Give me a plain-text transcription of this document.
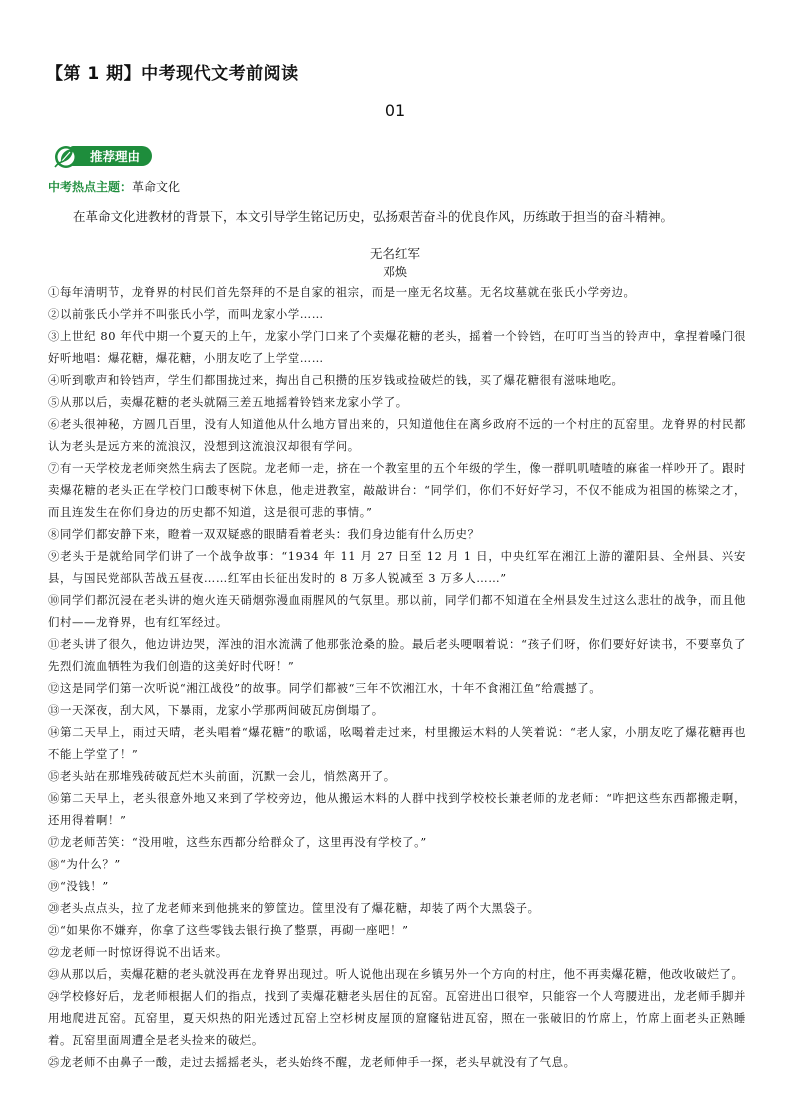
【第 1 期】中考现代文考前阅读
01
推荐理由
中考热点主题：革命文化
在革命文化进教材的背景下，本文引导学生铭记历史，弘扬艰苦奋斗的优良作风，历练敢于担当的奋斗精神。
无名红军
邓焕

①每年清明节，龙脊界的村民们首先祭拜的不是自家的祖宗，而是一座无名坟墓。无名坟墓就在张氏小学旁边。

②以前张氏小学并不叫张氏小学，而叫龙家小学……

③上世纪 80 年代中期一个夏天的上午，龙家小学门口来了个卖爆花糖的老头，摇着一个铃铛，在叮叮当当的铃声中，拿捏着嗓门很好听地唱：爆花糖，爆花糖，小朋友吃了上学堂……

④听到歌声和铃铛声，学生们都围拢过来，掏出自己积攒的压岁钱或捡破烂的钱，买了爆花糖很有滋味地吃。

⑤从那以后，卖爆花糖的老头就隔三差五地摇着铃铛来龙家小学了。

⑥老头很神秘，方圆几百里，没有人知道他从什么地方冒出来的，只知道他住在离乡政府不远的一个村庄的瓦窑里。龙脊界的村民都认为老头是远方来的流浪汉，没想到这流浪汉却很有学问。

⑦有一天学校龙老师突然生病去了医院。龙老师一走，挤在一个教室里的五个年级的学生，像一群叽叽喳喳的麻雀一样吵开了。跟时卖爆花糖的老头正在学校门口酸枣树下休息，他走进教室，敲敲讲台：“同学们，你们不好好学习，不仅不能成为祖国的栋梁之才，而且连发生在你们身边的历史都不知道，这是很可悲的事情。”

⑧同学们都安静下来，瞪着一双双疑惑的眼睛看着老头：我们身边能有什么历史？

⑨老头于是就给同学们讲了一个战争故事：“1934 年 11 月 27 日至 12 月 1 日，中央红军在湘江上游的灌阳县、全州县、兴安县，与国民党部队苦战五昼夜……红军由长征出发时的 8 万多人锐减至 3 万多人……”

⑩同学们都沉浸在老头讲的炮火连天硝烟弥漫血雨腥风的气氛里。那以前，同学们都不知道在全州县发生过这么悲壮的战争，而且他们村——龙脊界，也有红军经过。

⑪老头讲了很久，他边讲边哭，浑浊的泪水流满了他那张沧桑的脸。最后老头哽咽着说：“孩子们呀，你们要好好读书，不要辜负了先烈们流血牺牲为我们创造的这美好时代呀！”

⑫这是同学们第一次听说“湘江战役”的故事。同学们都被“三年不饮湘江水，十年不食湘江鱼”给震撼了。

⑬一天深夜，刮大风，下暴雨，龙家小学那两间破瓦房倒塌了。

⑭第二天早上，雨过天晴，老头唱着“爆花糖”的歌谣，吆喝着走过来，村里搬运木料的人笑着说：“老人家，小朋友吃了爆花糖再也不能上学堂了！”

⑮老头站在那堆残砖破瓦烂木头前面，沉默一会儿，悄然离开了。

⑯第二天早上，老头很意外地又来到了学校旁边，他从搬运木料的人群中找到学校校长兼老师的龙老师：“咋把这些东西都搬走啊，还用得着啊！”

⑰龙老师苦笑：“没用啦，这些东西都分给群众了，这里再没有学校了。”

⑱“为什么？”

⑲“没钱！”

⑳老头点点头，拉了龙老师来到他挑来的箩筐边。筐里没有了爆花糖，却装了两个大黑袋子。

㉑“如果你不嫌弃，你拿了这些零钱去银行换了整票，再砌一座吧！”

㉒龙老师一时惊讶得说不出话来。

㉓从那以后，卖爆花糖的老头就没再在龙脊界出现过。听人说他出现在乡镇另外一个方向的村庄，他不再卖爆花糖，他改收破烂了。

㉔学校修好后，龙老师根据人们的指点，找到了卖爆花糖老头居住的瓦窑。瓦窑进出口很窄，只能容一个人弯腰进出，龙老师手脚并用地爬进瓦窑。瓦窑里，夏天炽热的阳光透过瓦窑上空杉树皮屋顶的窟窿钻进瓦窑，照在一张破旧的竹席上，竹席上面老头正熟睡着。瓦窑里面周遭全是老头捡来的破烂。

㉕龙老师不由鼻子一酸，走过去摇摇老头，老头始终不醒，龙老师伸手一探，老头早就没有了气息。
